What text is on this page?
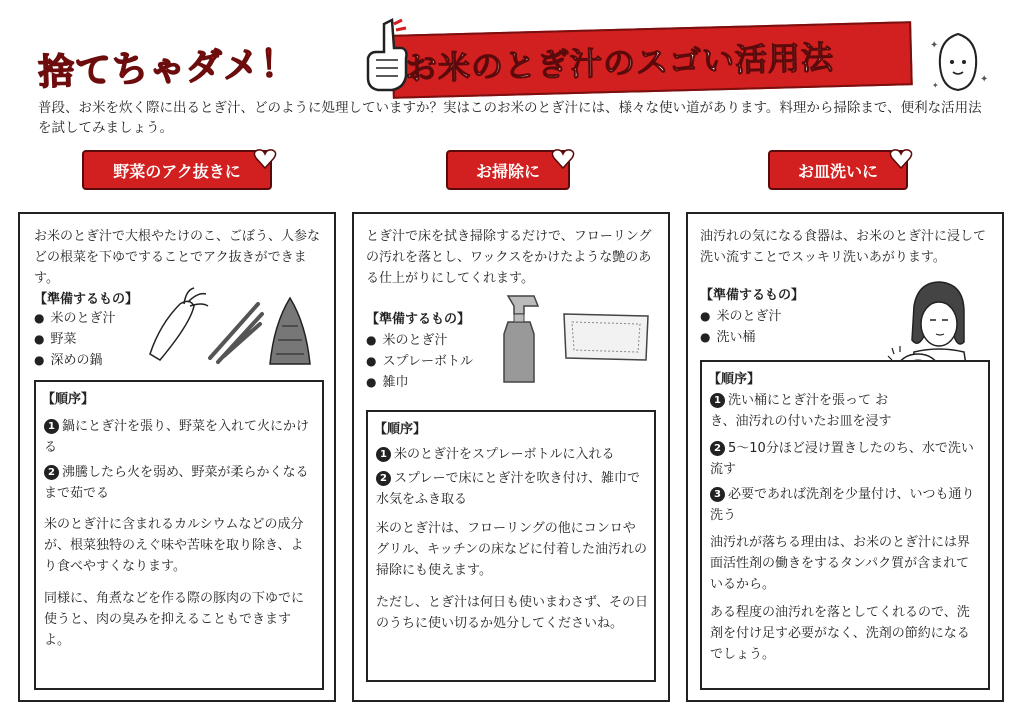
捨てちゃダメ！	お米のとぎ汁のスゴい活用法	✦
✦
✦

普段、お米を炊く際に出るとぎ汁、どのように処理していますか？実はこのお米のとぎ汁には、様々な使い道があります。料理から掃除まで、便利な活用法を試してみましょう。

野菜のアク抜きに	お掃除に	お皿洗いに

お米のとぎ汁で大根やたけのこ、ごぼう、人参などの根菜を下ゆですることでアク抜きができます。

【準備するもの】
● 米のとぎ汁
● 野菜
● 深めの鍋
【順序】

1 鍋にとぎ汁を張り、野菜を入れて火にかける

2 沸騰したら火を弱め、野菜が柔らかくなるまで茹でる

米のとぎ汁に含まれるカルシウムなどの成分が、根菜独特のえぐ味や苦味を取り除き、より食べやすくなります。

同様に、角煮などを作る際の豚肉の下ゆでに使うと、肉の臭みを抑えることもできますよ。

とぎ汁で床を拭き掃除するだけで、フローリングの汚れを落とし、ワックスをかけたような艶のある仕上がりにしてくれます。

【準備するもの】
● 米のとぎ汁
● スプレーボトル
● 雑巾
【順序】

1 米のとぎ汁をスプレーボトルに入れる

2 スプレーで床にとぎ汁を吹き付け、雑巾で水気をふき取る

米のとぎ汁は、フローリングの他にコンロやグリル、キッチンの床などに付着した油汚れの掃除にも使えます。

ただし、とぎ汁は何日も使いまわさず、その日のうちに使い切るか処分してくださいね。

油汚れの気になる食器は、お米のとぎ汁に浸して洗い流すことでスッキリ洗いあがります。

【準備するもの】
● 米のとぎ汁
● 洗い桶
【順序】

1 洗い桶にとぎ汁を張って おき、油汚れの付いたお皿を浸す

2 5～10分ほど浸け置きしたのち、水で洗い流す

3 必要であれば洗剤を少量付け、いつも通り洗う

油汚れが落ちる理由は、お米のとぎ汁には界面活性剤の働きをするタンパク質が含まれているから。

ある程度の油汚れを落としてくれるので、洗剤を付け足す必要がなく、洗剤の節約になるでしょう。
